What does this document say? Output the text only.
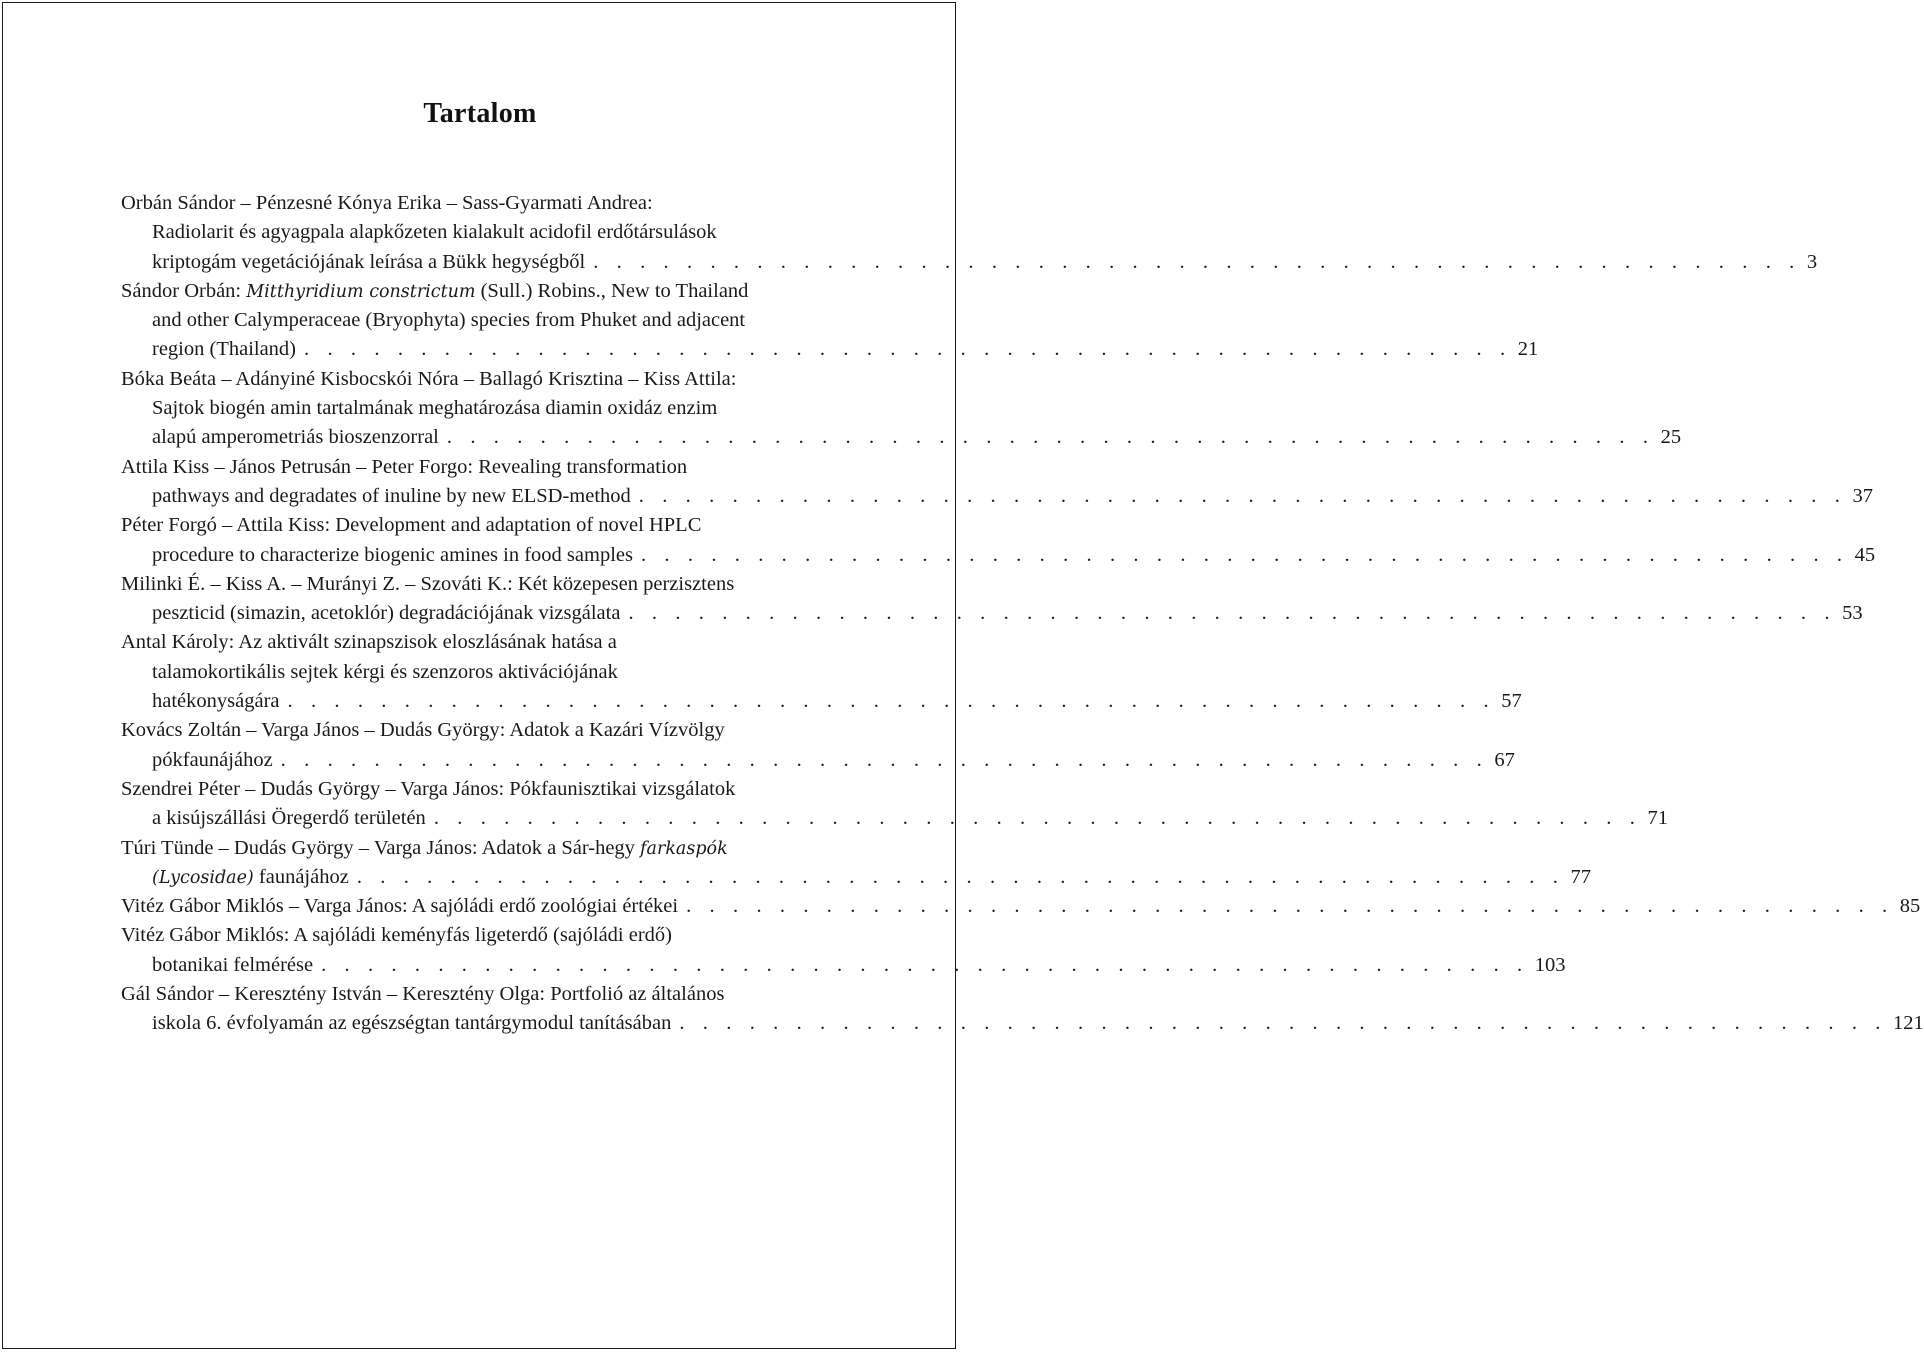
Tartalom
Orbán Sándor – Pénzesné Kónya Erika – Sass-Gyarmati Andrea:
Radiolarit és agyagpala alapkőzeten kialakult acidofil erdőtársulások
kriptogám vegetációjának leírása a Bükk hegységből . . . . . . . . . . . . . . . . . . . . . . . . . . . . . . . . . . . . . . . . . . . . . . . . . . . . 3
Sándor Orbán: Mitthyridium constrictum (Sull.) Robins., New to Thailand
and other Calymperaceae (Bryophyta) species from Phuket and adjacent
region (Thailand) . . . . . . . . . . . . . . . . . . . . . . . . . . . . . . . . . . . . . . . . . . . . . . . . . . . . 21
Bóka Beáta – Adányiné Kisbocskói Nóra – Ballagó Krisztina – Kiss Attila:
Sajtok biogén amin tartalmának meghatározása diamin oxidáz enzim
alapú amperometriás bioszenzorral . . . . . . . . . . . . . . . . . . . . . . . . . . . . . . . . . . . . . . . . . . . . . . . . . . . . 25
Attila Kiss – János Petrusán – Peter Forgo: Revealing transformation
pathways and degradates of inuline by new ELSD-method . . . . . . . . . . . . . . . . . . . . . . . . . . . . . . . . . . . . . . . . . . . . . . . . . . . . 37
Péter Forgó – Attila Kiss: Development and adaptation of novel HPLC
procedure to characterize biogenic amines in food samples . . . . . . . . . . . . . . . . . . . . . . . . . . . . . . . . . . . . . . . . . . . . . . . . . . . . 45
Milinki É. – Kiss A. – Murányi Z. – Szováti K.: Két közepesen perzisztens
peszticid (simazin, acetoklór) degradációjának vizsgálata . . . . . . . . . . . . . . . . . . . . . . . . . . . . . . . . . . . . . . . . . . . . . . . . . . . . 53
Antal Károly: Az aktivált szinapszisok eloszlásának hatása a
talamokortikális sejtek kérgi és szenzoros aktivációjának
hatékonyságára . . . . . . . . . . . . . . . . . . . . . . . . . . . . . . . . . . . . . . . . . . . . . . . . . . . . 57
Kovács Zoltán – Varga János – Dudás György: Adatok a Kazári Vízvölgy
pókfaunájához . . . . . . . . . . . . . . . . . . . . . . . . . . . . . . . . . . . . . . . . . . . . . . . . . . . . 67
Szendrei Péter – Dudás György – Varga János: Pókfaunisztikai vizsgálatok
a kisújszállási Öregerdő területén . . . . . . . . . . . . . . . . . . . . . . . . . . . . . . . . . . . . . . . . . . . . . . . . . . . . 71
Túri Tünde – Dudás György – Varga János: Adatok a Sár-hegy farkaspók
(Lycosidae) faunájához . . . . . . . . . . . . . . . . . . . . . . . . . . . . . . . . . . . . . . . . . . . . . . . . . . . . 77
Vitéz Gábor Miklós – Varga János: A sajóládi erdő zoológiai értékei . . . . . . . . . . . . . . . . . . . . . . . . . . . . . . . . . . . . . . . . . . . . . . . . . . . . 85
Vitéz Gábor Miklós: A sajóládi keményfás ligeterdő (sajóládi erdő)
botanikai felmérése . . . . . . . . . . . . . . . . . . . . . . . . . . . . . . . . . . . . . . . . . . . . . . . . . . . . 103
Gál Sándor – Keresztény István – Keresztény Olga: Portfolió az általános
iskola 6. évfolyamán az egészségtan tantárgymodul tanításában . . . . . . . . . . . . . . . . . . . . . . . . . . . . . . . . . . . . . . . . . . . . . . . . . . . . 121
